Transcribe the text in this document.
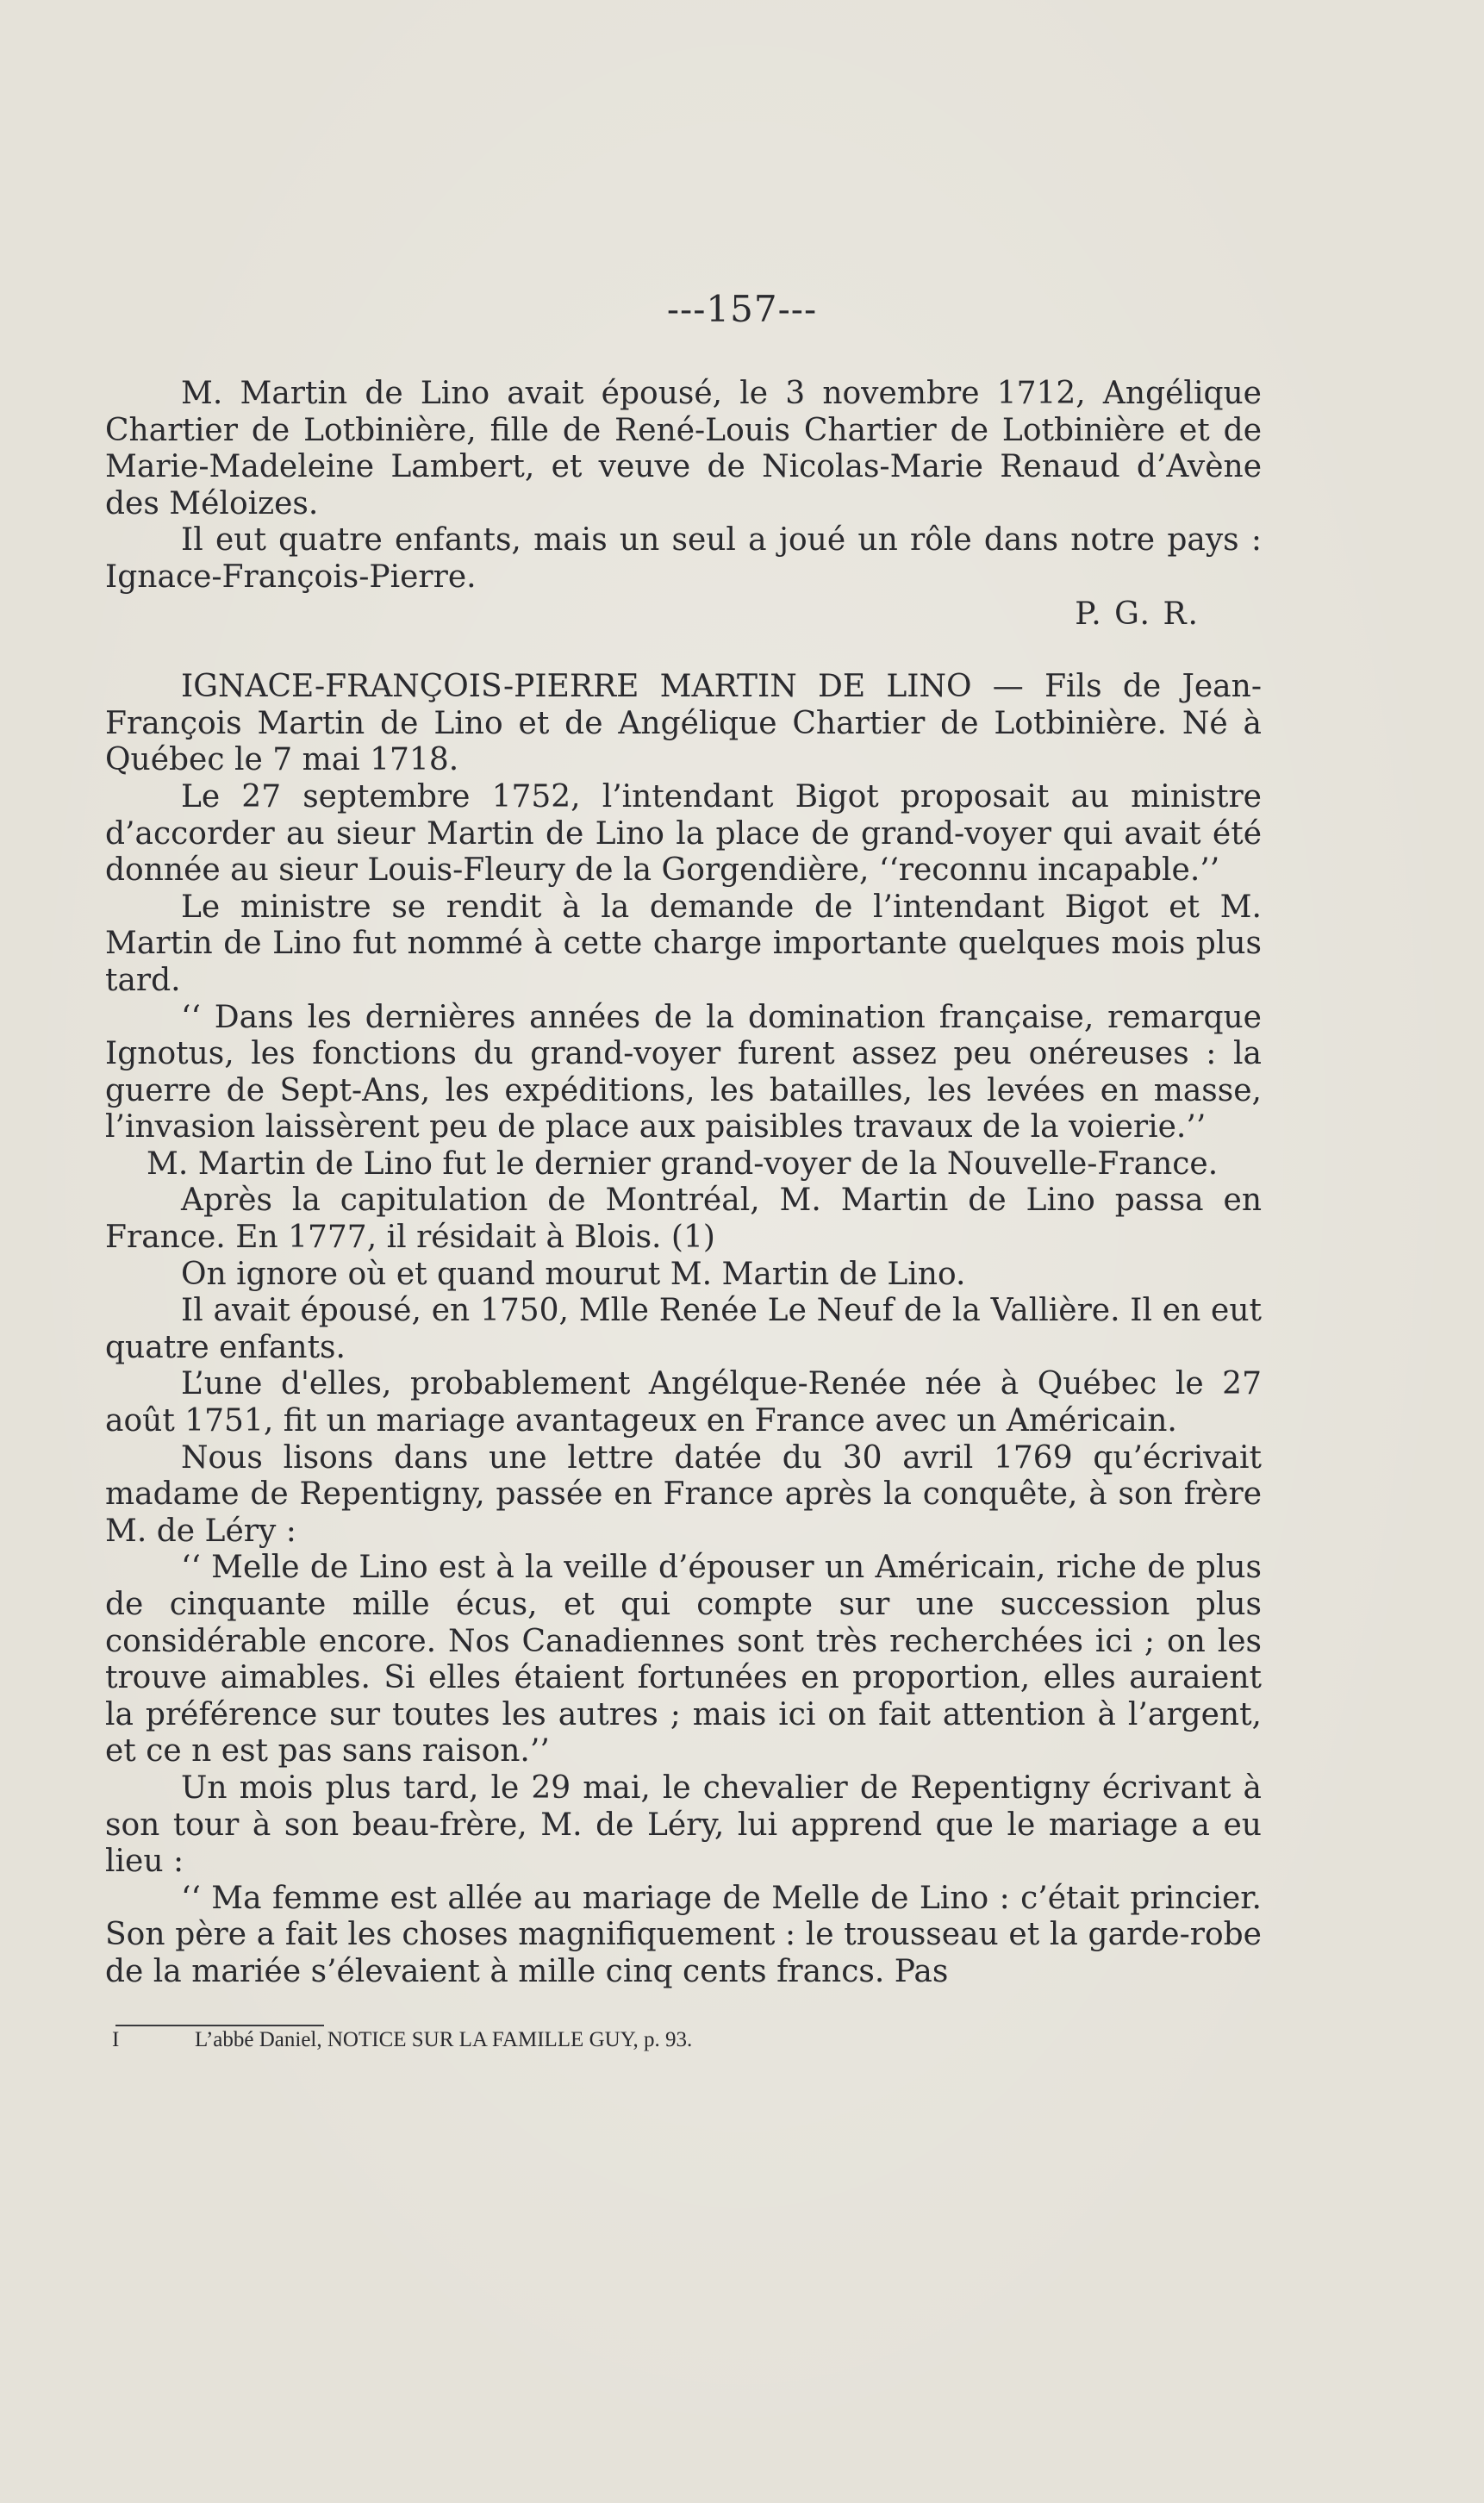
---157---

M. Martin de Lino avait épousé, le 3 novembre 1712, Angélique Chartier de Lotbinière, fille de René-Louis Chartier de Lotbinière et de Marie-Madeleine Lambert, et veuve de Nicolas-Marie Renaud d’Avène des Méloizes.

Il eut quatre enfants, mais un seul a joué un rôle dans notre pays : Ignace-François-Pierre.

P. G. R.

IGNACE-FRANÇOIS-PIERRE MARTIN DE LINO — Fils de Jean-François Martin de Lino et de Angélique Chartier de Lotbinière. Né à Québec le 7 mai 1718.

Le 27 septembre 1752, l’intendant Bigot proposait au ministre d’accorder au sieur Martin de Lino la place de grand-voyer qui avait été donnée au sieur Louis-Fleury de la Gorgendière, ‘‘reconnu incapable.’’

Le ministre se rendit à la demande de l’intendant Bigot et M. Martin de Lino fut nommé à cette charge importante quelques mois plus tard.

‘‘ Dans les dernières années de la domination française, remarque Ignotus, les fonctions du grand-voyer furent assez peu onéreuses : la guerre de Sept-Ans, les expéditions, les batailles, les levées en masse, l’invasion laissèrent peu de place aux paisibles travaux de la voierie.’’

M. Martin de Lino fut le dernier grand-voyer de la Nouvelle-France.

Après la capitulation de Montréal, M. Martin de Lino passa en France. En 1777, il résidait à Blois. (1)

On ignore où et quand mourut M. Martin de Lino.

Il avait épousé, en 1750, Mlle Renée Le Neuf de la Vallière. Il en eut quatre enfants.

L’une d'elles, probablement Angélque-Renée née à Québec le 27 août 1751, fit un mariage avantageux en France avec un Américain.

Nous lisons dans une lettre datée du 30 avril 1769 qu’écrivait madame de Repentigny, passée en France après la conquête, à son frère M. de Léry :

‘‘ Melle de Lino est à la veille d’épouser un Américain, riche de plus de cinquante mille écus, et qui compte sur une succession plus considérable encore. Nos Canadiennes sont très recherchées ici ; on les trouve aimables. Si elles étaient fortunées en proportion, elles auraient la préférence sur toutes les autres ; mais ici on fait attention à l’argent, et ce n est pas sans raison.’’

Un mois plus tard, le 29 mai, le chevalier de Repentigny écrivant à son tour à son beau-frère, M. de Léry, lui apprend que le mariage a eu lieu :

‘‘ Ma femme est allée au mariage de Melle de Lino : c’était princier. Son père a fait les choses magnifiquement : le trousseau et la garde-robe de la mariée s’élevaient à mille cinq cents francs. Pas

I	L’abbé Daniel, NOTICE SUR LA FAMILLE GUY, p. 93.
